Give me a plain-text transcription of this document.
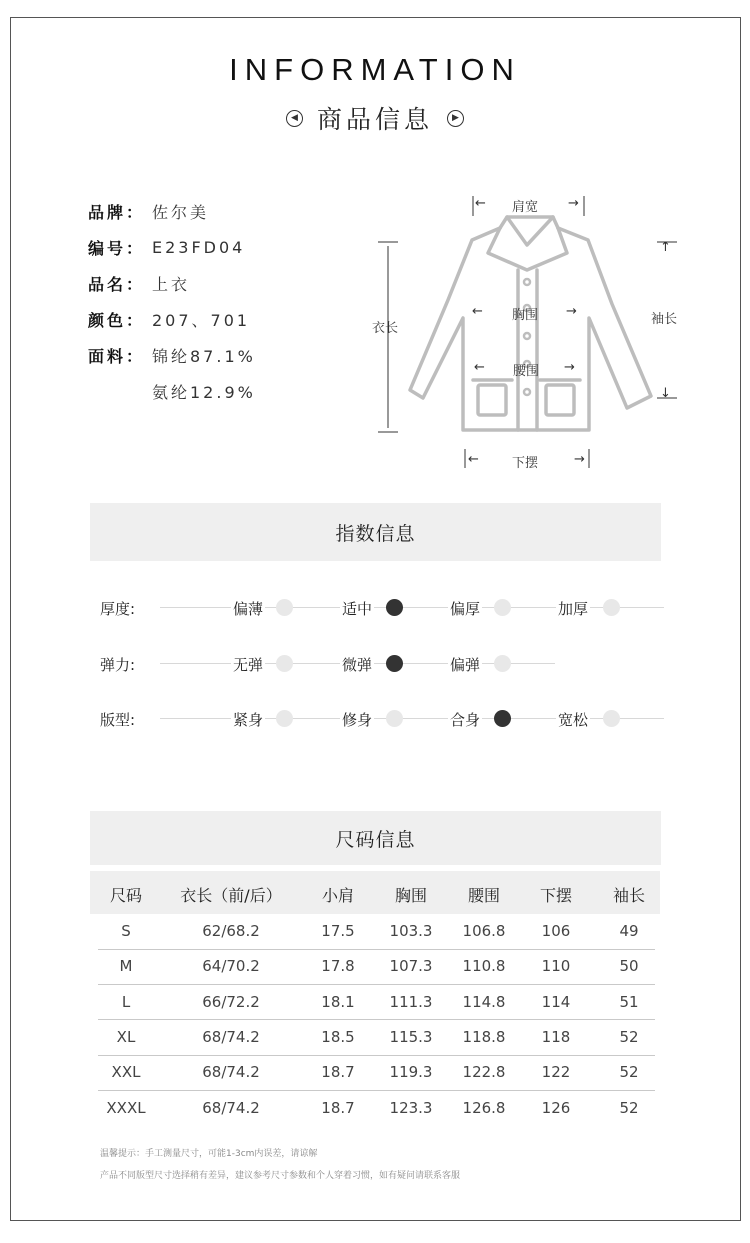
INFORMATION
◀ 商品信息 ▶
品牌： 佐尔美
编号： E23FD04
品名： 上衣
颜色： 207、701
面料： 锦纶87.1%
氨纶12.9%
← 肩宽 →
衣长
← 胸围 →
↑
袖长
↓
← 腰围 →
←	下摆	→
指数信息
厚度:	偏薄	适中	偏厚	加厚
弹力:	无弹	微弹	偏弹
版型:	紧身	修身	合身	宽松
尺码信息
尺码 衣长（前/后）	小肩	胸围	腰围 下摆	袖长
S	62/68.2	17.5 103.3 106.8 106	49
M	64/70.2	17.8 107.3 110.8 110	50
L	66/72.2	18.1 111.3 114.8 114	51
XL	68/74.2	18.5 115.3 118.8 118	52
XXL	68/74.2	18.7 119.3 122.8 122	52
XXXL	68/74.2	18.7 123.3 126.8 126	52
温馨提示：手工测量尺寸，可能1-3cm内误差，请谅解
产品不同版型尺寸选择稍有差异，建议参考尺寸参数和个人穿着习惯，如有疑问请联系客服
